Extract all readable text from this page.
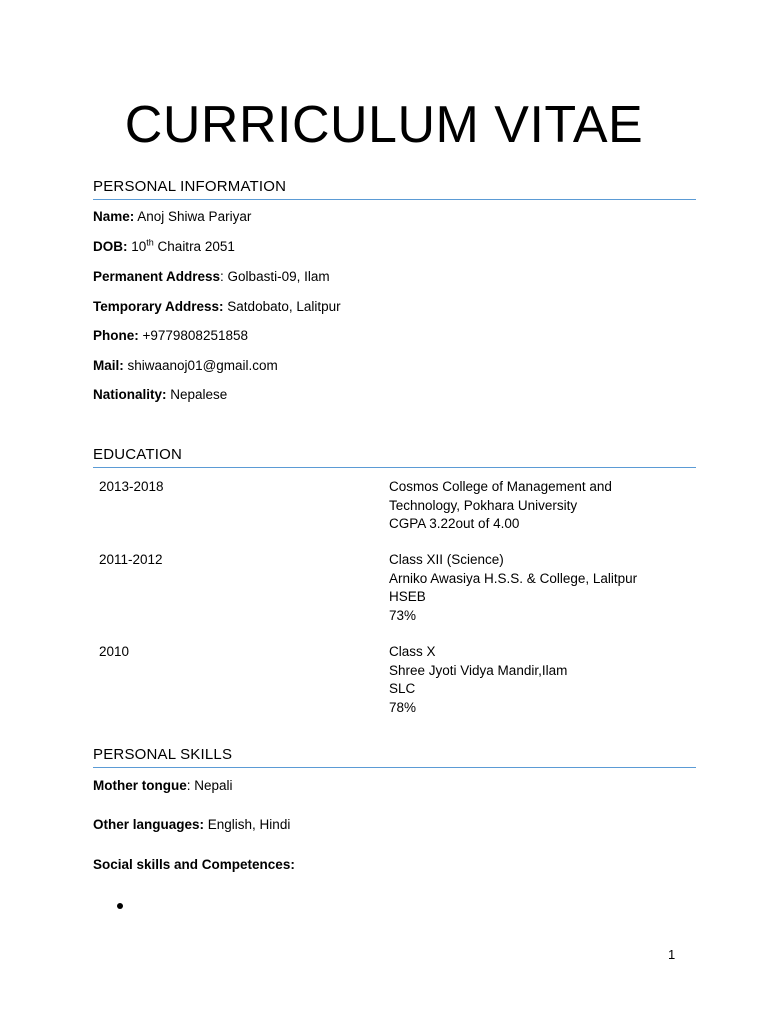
CURRICULUM VITAE
PERSONAL INFORMATION
Name: Anoj Shiwa Pariyar
DOB: 10th Chaitra 2051
Permanent Address: Golbasti-09, Ilam
Temporary Address: Satdobato, Lalitpur
Phone: +9779808251858
Mail: shiwaanoj01@gmail.com
Nationality: Nepalese
EDUCATION
2013-2018	Cosmos College of Management and
Technology, Pokhara University
CGPA 3.22out of 4.00
2011-2012	Class XII (Science)
Arniko Awasiya H.S.S. & College, Lalitpur
HSEB
73%
2010	Class X
Shree Jyoti Vidya Mandir,Ilam
SLC
78%
PERSONAL SKILLS
Mother tongue: Nepali
Other languages: English, Hindi
Social skills and Competences:
1
